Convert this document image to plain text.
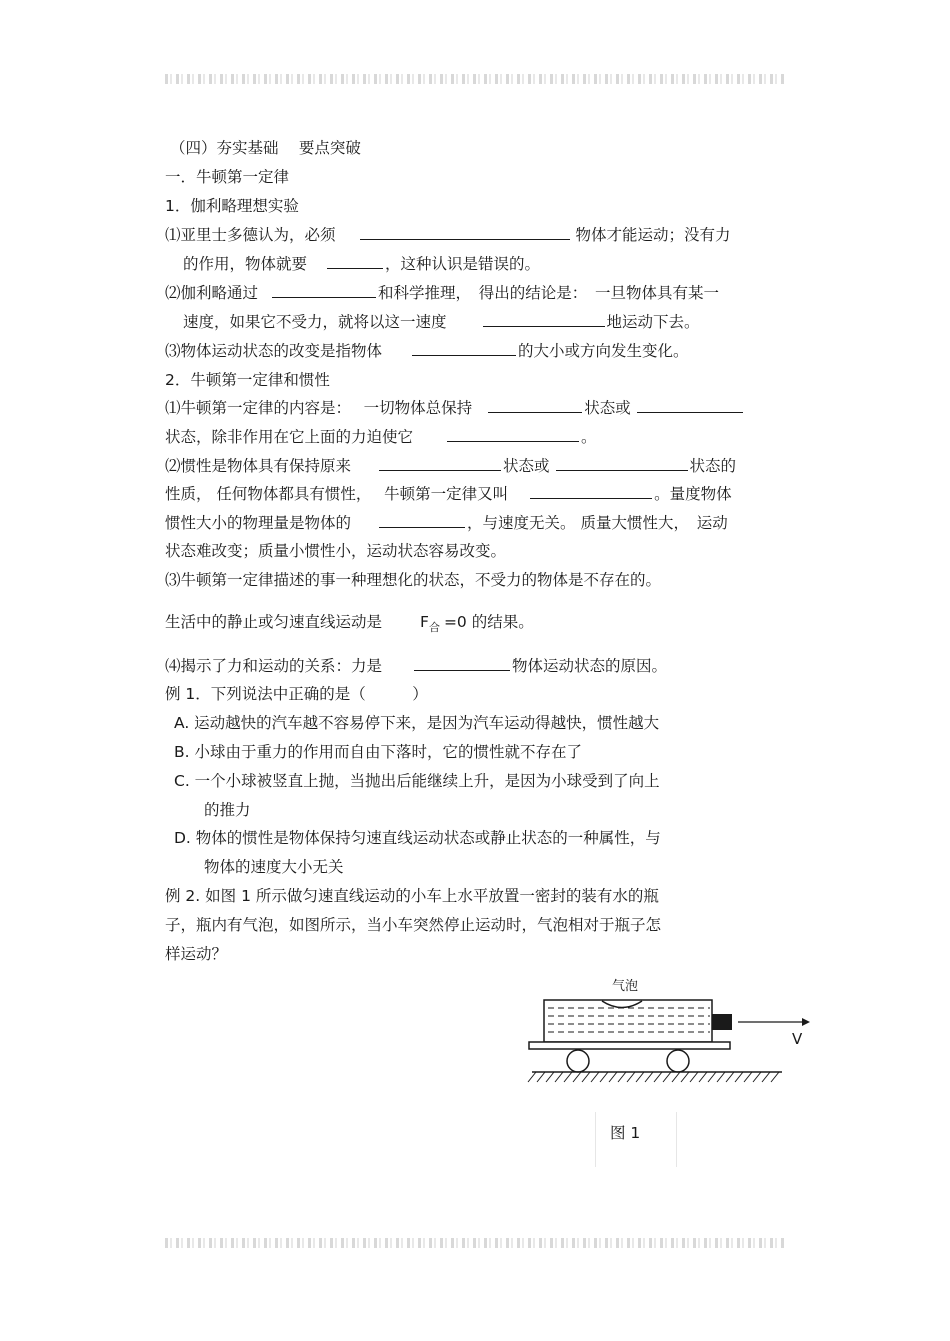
（四）夯实基础　 要点突破
一．牛顿第一定律
1．伽利略理想实验
⑴亚里士多德认为，必须	物体才能运动；没有力
的作用，物体就要	，这种认识是错误的。
⑵伽利略通过	和科学推理，　得出的结论是：　一旦物体具有某一
速度，如果它不受力，就将以这一速度	地运动下去。
⑶物体运动状态的改变是指物体	的大小或方向发生变化。
2．牛顿第一定律和惯性
⑴牛顿第一定律的内容是：　 一切物体总保持	状态或
状态，除非作用在它上面的力迫使它	。
⑵惯性是物体具有保持原来	状态或	状态的
性质， 任何物体都具有惯性，　 牛顿第一定律又叫	。量度物体
惯性大小的物理量是物体的	，与速度无关。 质量大惯性大，　运动
状态难改变；质量小惯性小，运动状态容易改变。
⑶牛顿第一定律描述的事一种理想化的状态，不受力的物体是不存在的。
生活中的静止或匀速直线运动是 $F_合 =0$ 的结果。
⑷揭示了力和运动的关系：力是	物体运动状态的原因。
例 1．下列说法中正确的是（　　　）
A. 运动越快的汽车越不容易停下来，是因为汽车运动得越快，惯性越大
B. 小球由于重力的作用而自由下落时，它的惯性就不存在了
C. 一个小球被竖直上抛，当抛出后能继续上升，是因为小球受到了向上
的推力
D. 物体的惯性是物体保持匀速直线运动状态或静止状态的一种属性，与
物体的速度大小无关
例 2. 如图 1 所示做匀速直线运动的小车上水平放置一密封的装有水的瓶
子，瓶内有气泡，如图所示，当小车突然停止运动时，气泡相对于瓶子怎
样运动？
气泡
V
图 1
